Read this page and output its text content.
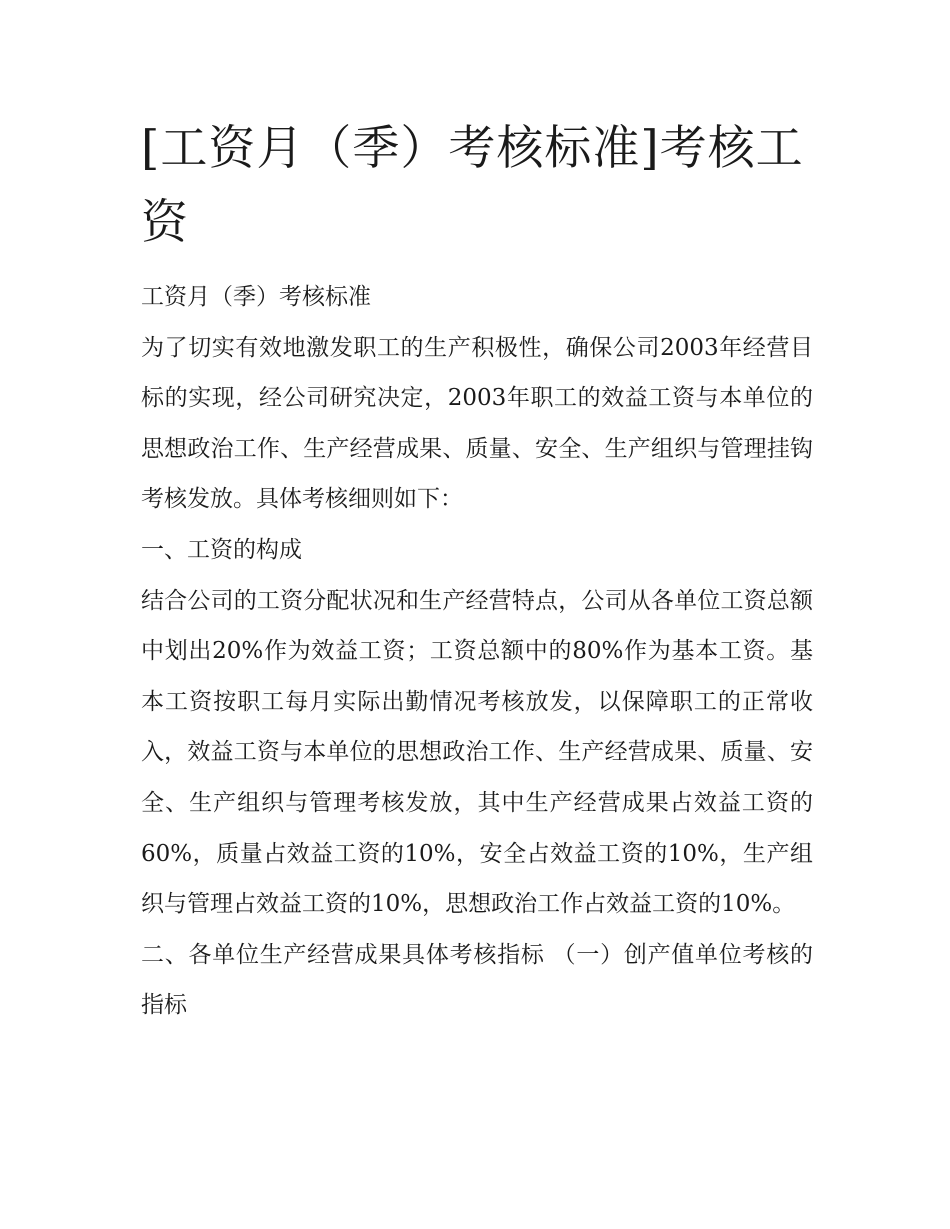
[工资月（季）考核标准]考核工资

工资月（季）考核标准

为了切实有效地激发职工的生产积极性，确保公司2003年经营目标的实现，经公司研究决定，2003年职工的效益工资与本单位的思想政治工作、生产经营成果、质量、安全、生产组织与管理挂钩考核发放。具体考核细则如下：

一、工资的构成

结合公司的工资分配状况和生产经营特点，公司从各单位工资总额中划出20%作为效益工资；工资总额中的80%作为基本工资。基本工资按职工每月实际出勤情况考核放发，以保障职工的正常收入，效益工资与本单位的思想政治工作、生产经营成果、质量、安全、生产组织与管理考核发放，其中生产经营成果占效益工资的60%，质量占效益工资的10%，安全占效益工资的10%，生产组织与管理占效益工资的10%，思想政治工作占效益工资的10%。

二、各单位生产经营成果具体考核指标 （一）创产值单位考核的指标
